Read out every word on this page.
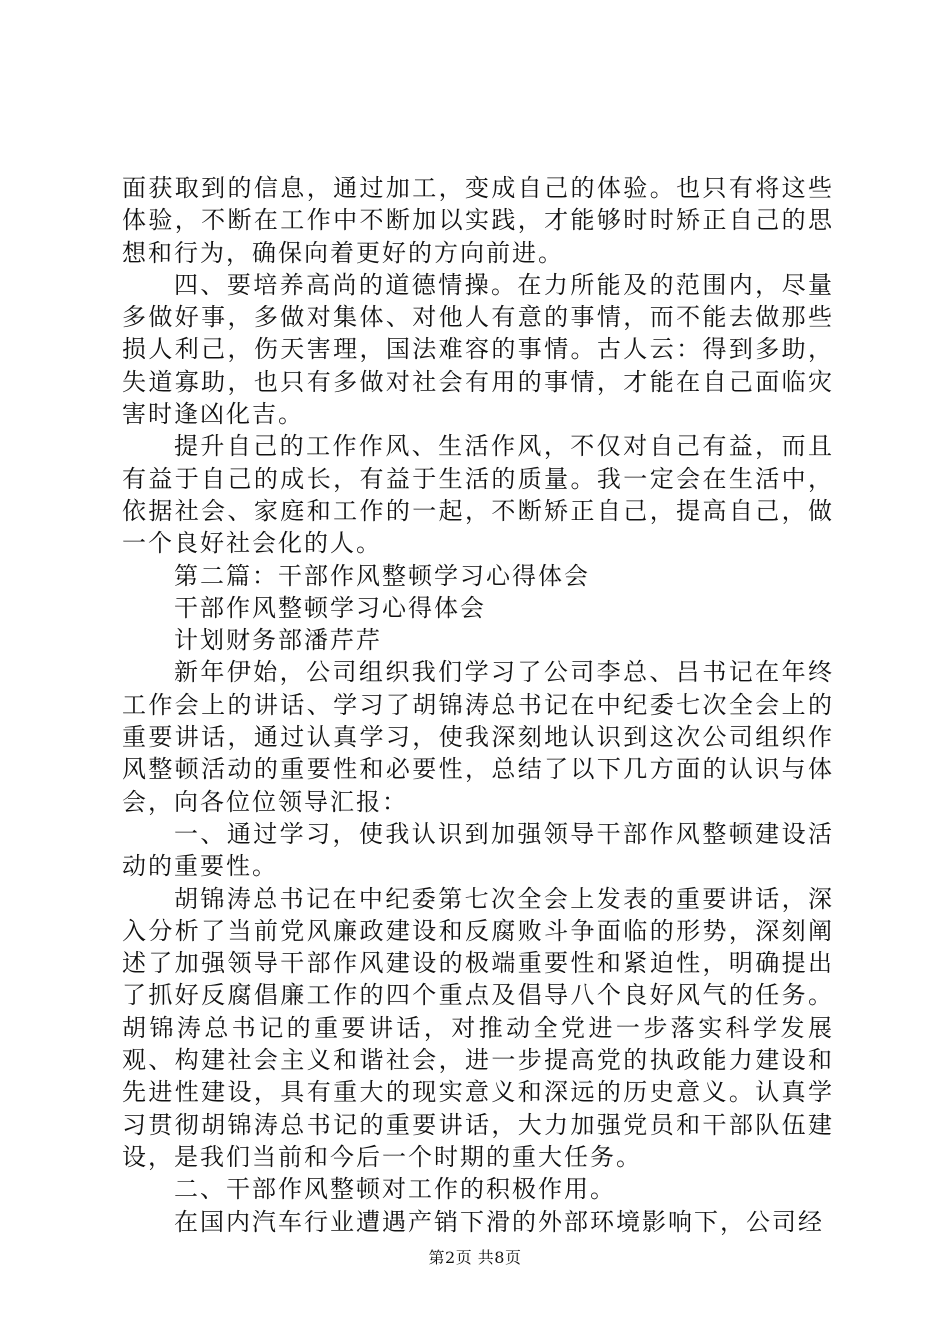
面获取到的信息，通过加工，变成自己的体验。也只有将这些体验，不断在工作中不断加以实践，才能够时时矫正自己的思想和行为，确保向着更好的方向前进。

四、要培养高尚的道德情操。在力所能及的范围内，尽量多做好事，多做对集体、对他人有意的事情，而不能去做那些损人利己，伤天害理，国法难容的事情。古人云：得到多助，失道寡助，也只有多做对社会有用的事情，才能在自己面临灾害时逢凶化吉。

提升自己的工作作风、生活作风，不仅对自己有益，而且有益于自己的成长，有益于生活的质量。我一定会在生活中，依据社会、家庭和工作的一起，不断矫正自己，提高自己，做一个良好社会化的人。

第二篇：干部作风整顿学习心得体会

干部作风整顿学习心得体会

计划财务部潘芹芹

新年伊始，公司组织我们学习了公司李总、吕书记在年终工作会上的讲话、学习了胡锦涛总书记在中纪委七次全会上的重要讲话，通过认真学习，使我深刻地认识到这次公司组织作风整顿活动的重要性和必要性，总结了以下几方面的认识与体会，向各位位领导汇报：

一、通过学习，使我认识到加强领导干部作风整顿建设活动的重要性。

胡锦涛总书记在中纪委第七次全会上发表的重要讲话，深入分析了当前党风廉政建设和反腐败斗争面临的形势，深刻阐述了加强领导干部作风建设的极端重要性和紧迫性，明确提出了抓好反腐倡廉工作的四个重点及倡导八个良好风气的任务。胡锦涛总书记的重要讲话，对推动全党进一步落实科学发展观、构建社会主义和谐社会，进一步提高党的执政能力建设和先进性建设，具有重大的现实意义和深远的历史意义。认真学习贯彻胡锦涛总书记的重要讲话，大力加强党员和干部队伍建设，是我们当前和今后一个时期的重大任务。

二、干部作风整顿对工作的积极作用。

在国内汽车行业遭遇产销下滑的外部环境影响下，公司经

第2页 共8页
